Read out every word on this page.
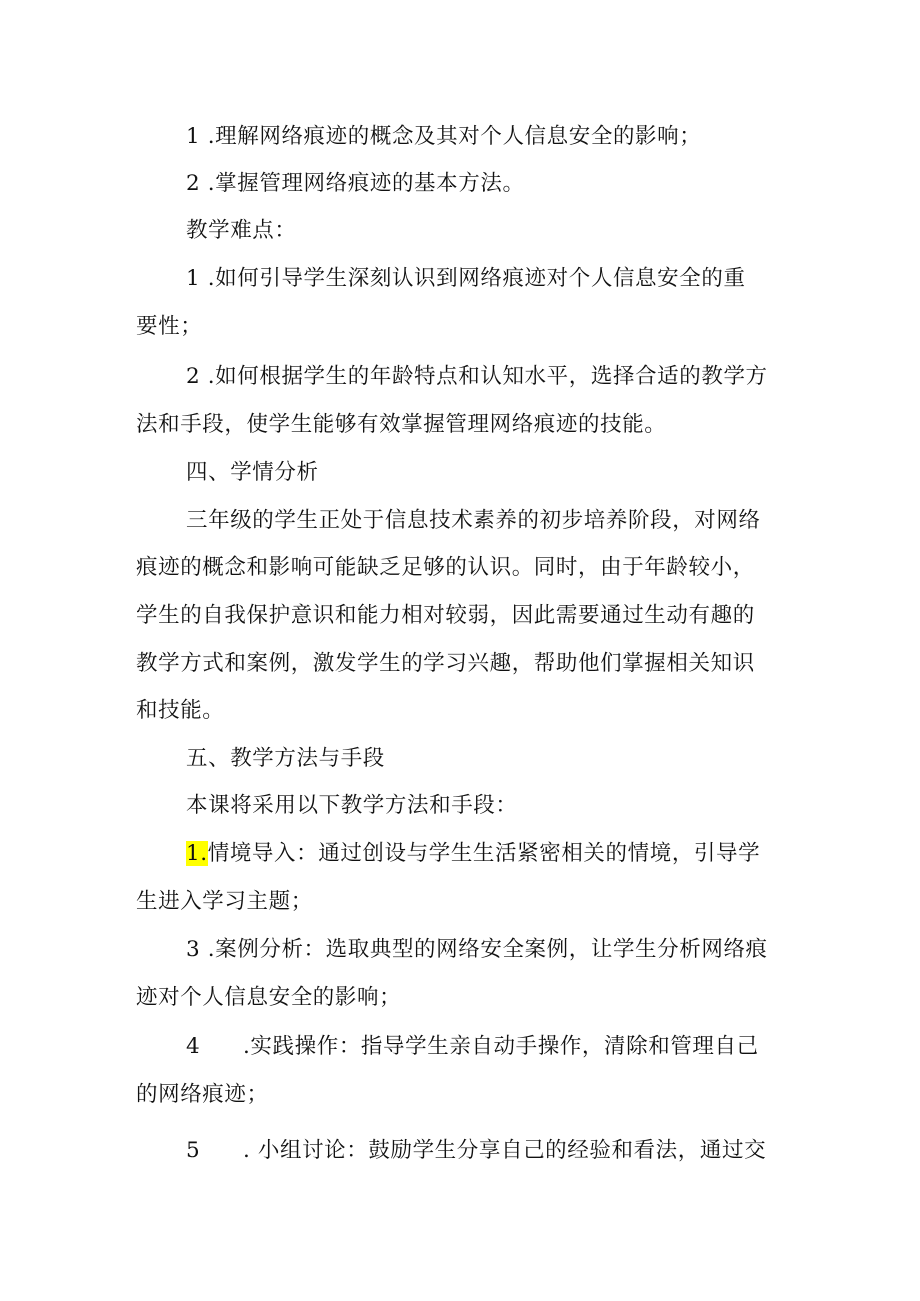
1 .理解网络痕迹的概念及其对个人信息安全的影响；
2 .掌握管理网络痕迹的基本方法。
教学难点：
1 .如何引导学生深刻认识到网络痕迹对个人信息安全的重
要性；
2 .如何根据学生的年龄特点和认知水平，选择合适的教学方
法和手段，使学生能够有效掌握管理网络痕迹的技能。
四、学情分析
三年级的学生正处于信息技术素养的初步培养阶段，对网络
痕迹的概念和影响可能缺乏足够的认识。同时，由于年龄较小，
学生的自我保护意识和能力相对较弱，因此需要通过生动有趣的
教学方式和案例，激发学生的学习兴趣，帮助他们掌握相关知识
和技能。
五、教学方法与手段
本课将采用以下教学方法和手段：
1.情境导入：通过创设与学生生活紧密相关的情境，引导学
生进入学习主题；
3 .案例分析：选取典型的网络安全案例，让学生分析网络痕
迹对个人信息安全的影响；
4 .实践操作：指导学生亲自动手操作，清除和管理自己
的网络痕迹；
5 . 小组讨论：鼓励学生分享自己的经验和看法，通过交
